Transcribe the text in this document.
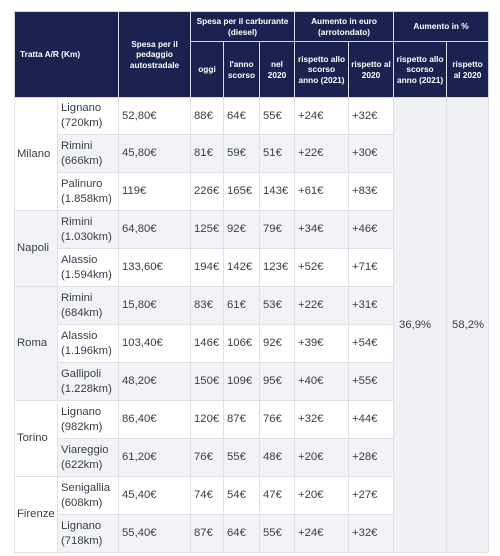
Tratta A/R (Km)		Spesa per il pedaggio autostradale	Spesa per il carburante (diesel)			Aumento in euro (arrotondato)		Aumento in %	
			oggi	l'anno scorso	nel 2020	rispetto allo scorso anno (2021)	rispetto al 2020	rispetto allo scorso anno (2021)	rispetto al 2020
Milano	Lignano (720km)	52,80€	88€	64€	55€	+24€	+32€	36,9%	58,2%
	Rimini (666km)	45,80€	81€	59€	51€	+22€	+30€		
	Palinuro (1.858km)	119€	226€	165€	143€	+61€	+83€		
Napoli	Rimini (1.030km)	64,80€	125€	92€	79€	+34€	+46€		
	Alassio (1.594km)	133,60€	194€	142€	123€	+52€	+71€		
Roma	Rimini (684km)	15,80€	83€	61€	53€	+22€	+31€		
	Alassio (1.196km)	103,40€	146€	106€	92€	+39€	+54€		
	Gallipoli (1.228km)	48,20€	150€	109€	95€	+40€	+55€		
Torino	Lignano (982km)	86,40€	120€	87€	76€	+32€	+44€		
	Viareggio (622km)	61,20€	76€	55€	48€	+20€	+28€		
Firenze	Senigallia (608km)	45,40€	74€	54€	47€	+20€	+27€		
	Lignano (718km)	55,40€	87€	64€	55€	+24€	+32€		
